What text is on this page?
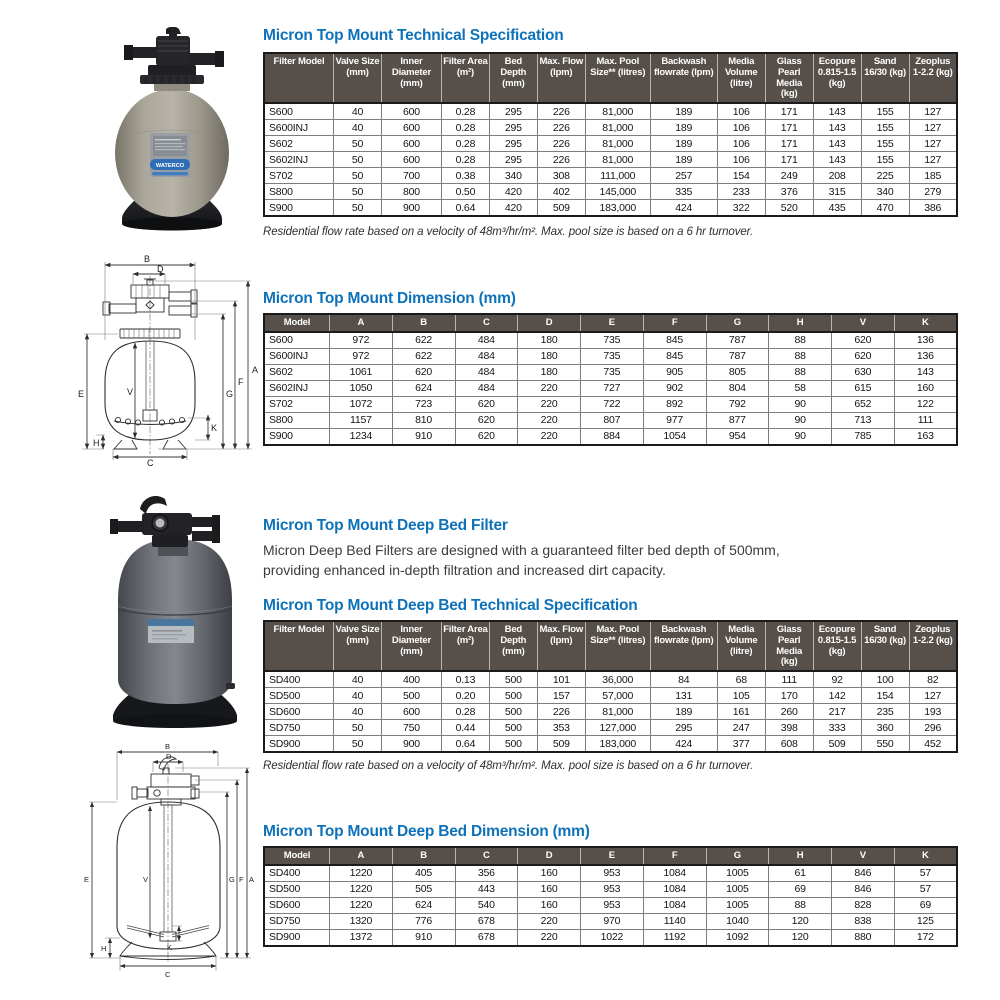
WATERCO
B
D
A
F
G
E	V
H
K
C
B
D
A
F
G
E	V
H	K
C
Micron Top Mount Technical Specification
Filter Model	Valve Size (mm)	Inner Diameter (mm)	Filter Area (m²)	Bed Depth (mm)	Max. Flow (lpm)	Max. Pool Size** (litres)	Backwash flowrate (lpm)	Media Volume (litre)	Glass Pearl Media (kg)	Ecopure 0.815-1.5 (kg)	Sand 16/30 (kg)	Zeoplus 1-2.2 (kg)
S600	40	600	0.28	295	226	81,000	189	106	171	143	155	127
S600INJ	40	600	0.28	295	226	81,000	189	106	171	143	155	127
S602	50	600	0.28	295	226	81,000	189	106	171	143	155	127
S602INJ	50	600	0.28	295	226	81,000	189	106	171	143	155	127
S702	50	700	0.38	340	308	111,000	257	154	249	208	225	185
S800	50	800	0.50	420	402	145,000	335	233	376	315	340	279
S900	50	900	0.64	420	509	183,000	424	322	520	435	470	386
Residential flow rate based on a velocity of 48m³/hr/m². Max. pool size is based on a 6 hr turnover.
Micron Top Mount Dimension (mm)
Model	A	B	C	D	E	F	G	H	V	K
S600	972	622	484	180	735	845	787	88	620	136
S600INJ	972	622	484	180	735	845	787	88	620	136
S602	1061	620	484	180	735	905	805	88	630	143
S602INJ	1050	624	484	220	727	902	804	58	615	160
S702	1072	723	620	220	722	892	792	90	652	122
S800	1157	810	620	220	807	977	877	90	713	111
S900	1234	910	620	220	884	1054	954	90	785	163
Micron Top Mount Deep Bed Filter
Micron Deep Bed Filters are designed with a guaranteed filter bed depth of 500mm, providing enhanced in-depth filtration and increased dirt capacity.
Micron Top Mount Deep Bed Technical Specification
Filter Model	Valve Size (mm)	Inner Diameter (mm)	Filter Area (m²)	Bed Depth (mm)	Max. Flow (lpm)	Max. Pool Size** (litres)	Backwash flowrate (lpm)	Media Volume (litre)	Glass Pearl Media (kg)	Ecopure 0.815-1.5 (kg)	Sand 16/30 (kg)	Zeoplus 1-2.2 (kg)
SD400	40	400	0.13	500	101	36,000	84	68	111	92	100	82
SD500	40	500	0.20	500	157	57,000	131	105	170	142	154	127
SD600	40	600	0.28	500	226	81,000	189	161	260	217	235	193
SD750	50	750	0.44	500	353	127,000	295	247	398	333	360	296
SD900	50	900	0.64	500	509	183,000	424	377	608	509	550	452
Residential flow rate based on a velocity of 48m³/hr/m². Max. pool size is based on a 6 hr turnover.
Micron Top Mount Deep Bed Dimension (mm)
Model	A	B	C	D	E	F	G	H	V	K
SD400	1220	405	356	160	953	1084	1005	61	846	57
SD500	1220	505	443	160	953	1084	1005	69	846	57
SD600	1220	624	540	160	953	1084	1005	88	828	69
SD750	1320	776	678	220	970	1140	1040	120	838	125
SD900	1372	910	678	220	1022	1192	1092	120	880	172
